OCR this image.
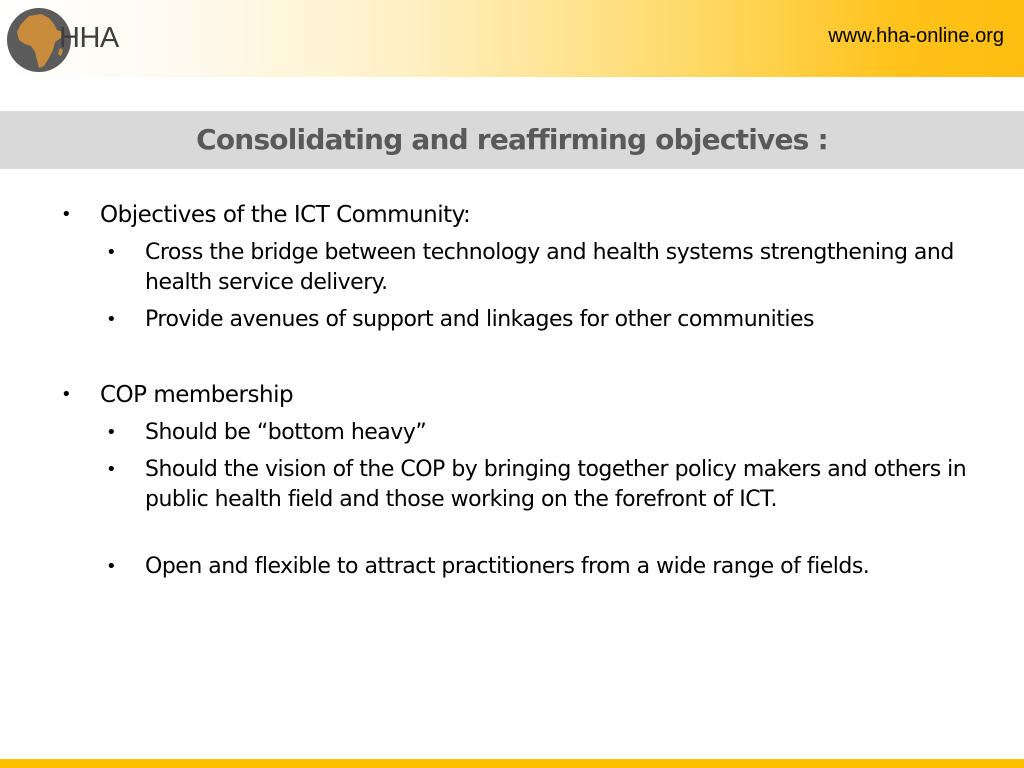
HHA	www.hha-online.org
Consolidating and reaffirming objectives :
• Objectives of the ICT Community:
• Cross the bridge between technology and health systems strengthening and health service delivery.
• Provide avenues of support and linkages for other communities
• COP membership
• Should be “bottom heavy”
• Should the vision of the COP by bringing together policy makers and others in public health field and those working on the forefront of ICT.
• Open and flexible to attract practitioners from a wide range of fields.
